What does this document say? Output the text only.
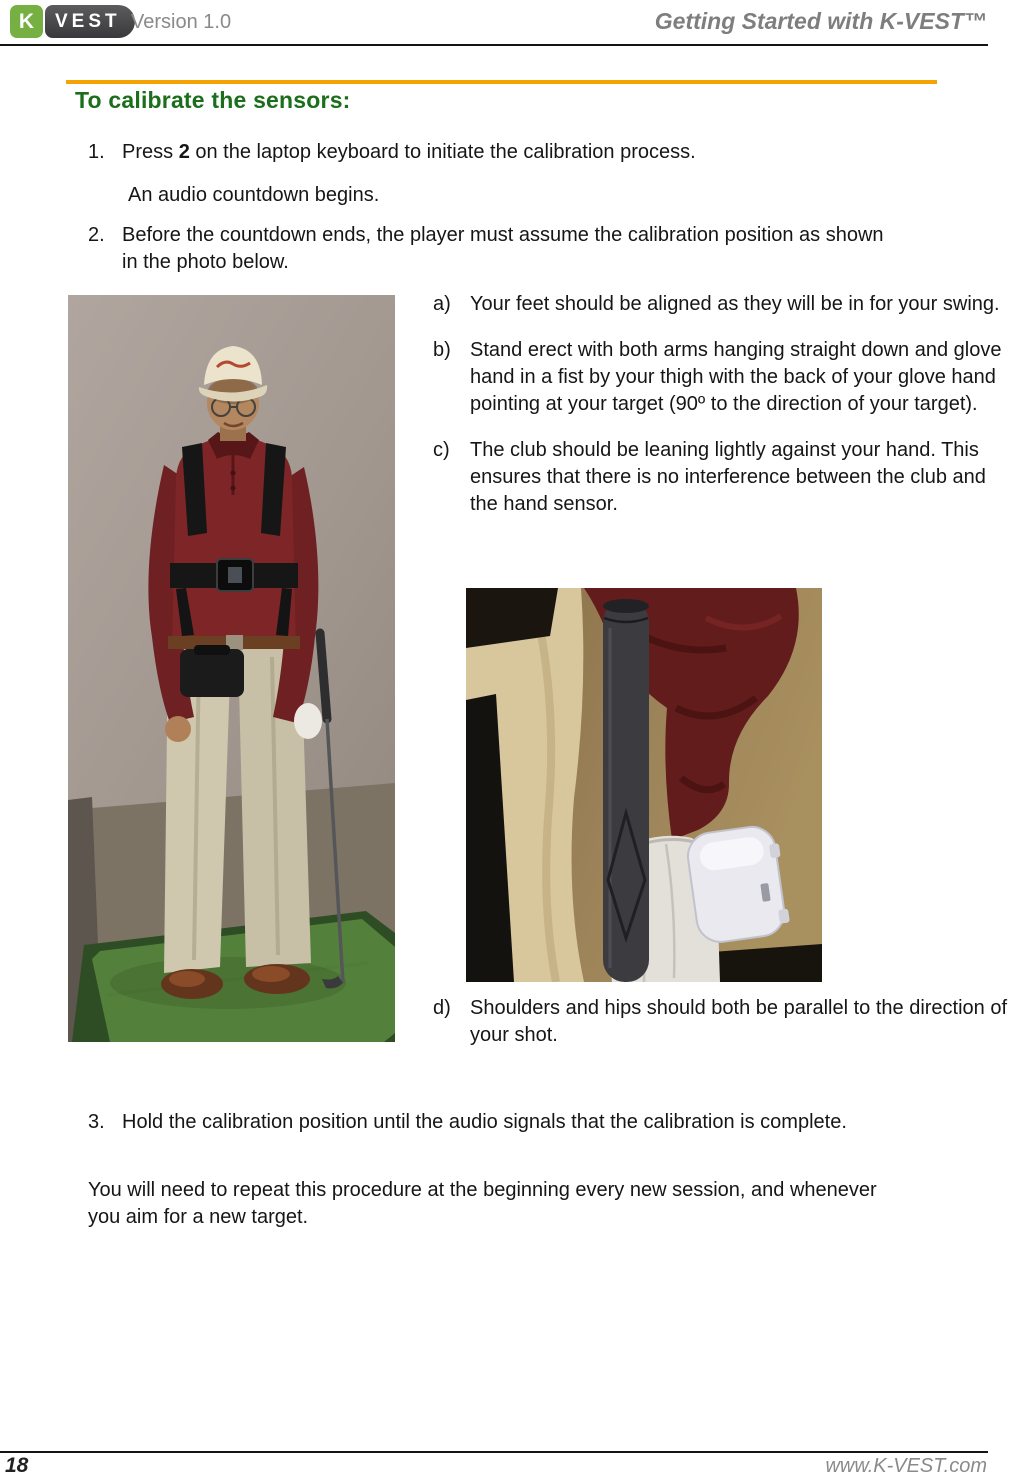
K	VEST Version 1.0	Getting Started with K-VEST™
To calibrate the sensors:
1. Press 2 on the laptop keyboard to initiate the calibration process.
An audio countdown begins.
2. Before the countdown ends, the player must assume the calibration position as shown in the photo below.
a) Your feet should be aligned as they will be in for your swing.
b) Stand erect with both arms hanging straight down and glove hand in a fist by your thigh with the back of your glove hand pointing at your target (90º to the direction of your target).
c)	The club should be leaning lightly against your hand. This ensures that there is no interference between the club and the hand sensor.
d) Shoulders and hips should both be parallel to the direction of your shot.
3. Hold the calibration position until the audio signals that the calibration is complete.
You will need to repeat this procedure at the beginning every new session, and whenever you aim for a new target.
18	www.K-VEST.com
